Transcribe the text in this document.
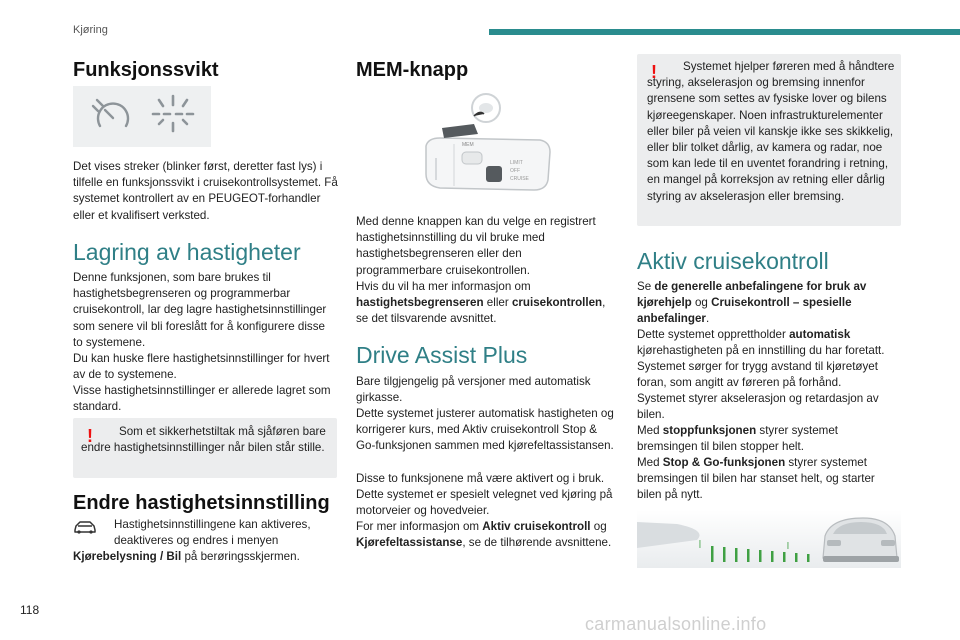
Kjøring
Funksjonssvikt

Det vises streker (blinker først, deretter fast lys) i tilfelle en funksjonssvikt i cruisekontrollsystemet. Få systemet kontrollert av en PEUGEOT-forhandler eller et kvalifisert verksted.

Lagring av hastigheter

Denne funksjonen, som bare brukes til hastighetsbegrenseren og programmerbar cruisekontroll, lar deg lagre hastighetsinnstillinger som senere vil bli foreslått for å konfigurere disse to systemene.

Du kan huske flere hastighetsinnstillinger for hvert av de to systemene.

Visse hastighetsinnstillinger er allerede lagret som standard.

!	Som et sikkerhetstiltak må sjåføren bare endre hastighetsinnstillinger når bilen står stille.

Endre hastighetsinnstilling

Hastighetsinnstillingene kan aktiveres, deaktiveres og endres i menyen

Kjørebelysning / Bil på berøringsskjermen.

MEM-knapp
MEM
LIMIT
OFF
CRUISE

Med denne knappen kan du velge en registrert hastighetsinnstilling du vil bruke med hastighetsbegrenseren eller den programmerbare cruisekontrollen.

Hvis du vil ha mer informasjon om hastighetsbegrenseren eller cruisekontrollen, se det tilsvarende avsnittet.

Drive Assist Plus

Bare tilgjengelig på versjoner med automatisk girkasse.

Dette systemet justerer automatisk hastigheten og korrigerer kurs, med Aktiv cruisekontroll Stop & Go-funksjonen sammen med kjørefeltassistansen.

Disse to funksjonene må være aktivert og i bruk.

Dette systemet er spesielt velegnet ved kjøring på motorveier og hovedveier.

For mer informasjon om Aktiv cruisekontroll og Kjørefeltassistanse, se de tilhørende avsnittene.

!	Systemet hjelper føreren med å håndtere styring, akselerasjon og bremsing innenfor grensene som settes av fysiske lover og bilens kjøreegenskaper. Noen infrastrukturelementer eller biler på veien vil kanskje ikke ses skikkelig, eller blir tolket dårlig, av kamera og radar, noe som kan lede til en uventet forandring i retning, en mangel på korreksjon av retning eller dårlig styring av akselerasjon eller bremsing.

Aktiv cruisekontroll

Se de generelle anbefalingene for bruk av kjørehjelp og Cruisekontroll – spesielle anbefalinger.

Dette systemet opprettholder automatisk kjørehastigheten på en innstilling du har foretatt.

Systemet sørger for trygg avstand til kjøretøyet foran, som angitt av føreren på forhånd.

Systemet styrer akselerasjon og retardasjon av bilen.

Med stoppfunksjonen styrer systemet bremsingen til bilen stopper helt.

Med Stop & Go-funksjonen styrer systemet bremsingen til bilen har stanset helt, og starter bilen på nytt.

118
carmanualsonline.info
